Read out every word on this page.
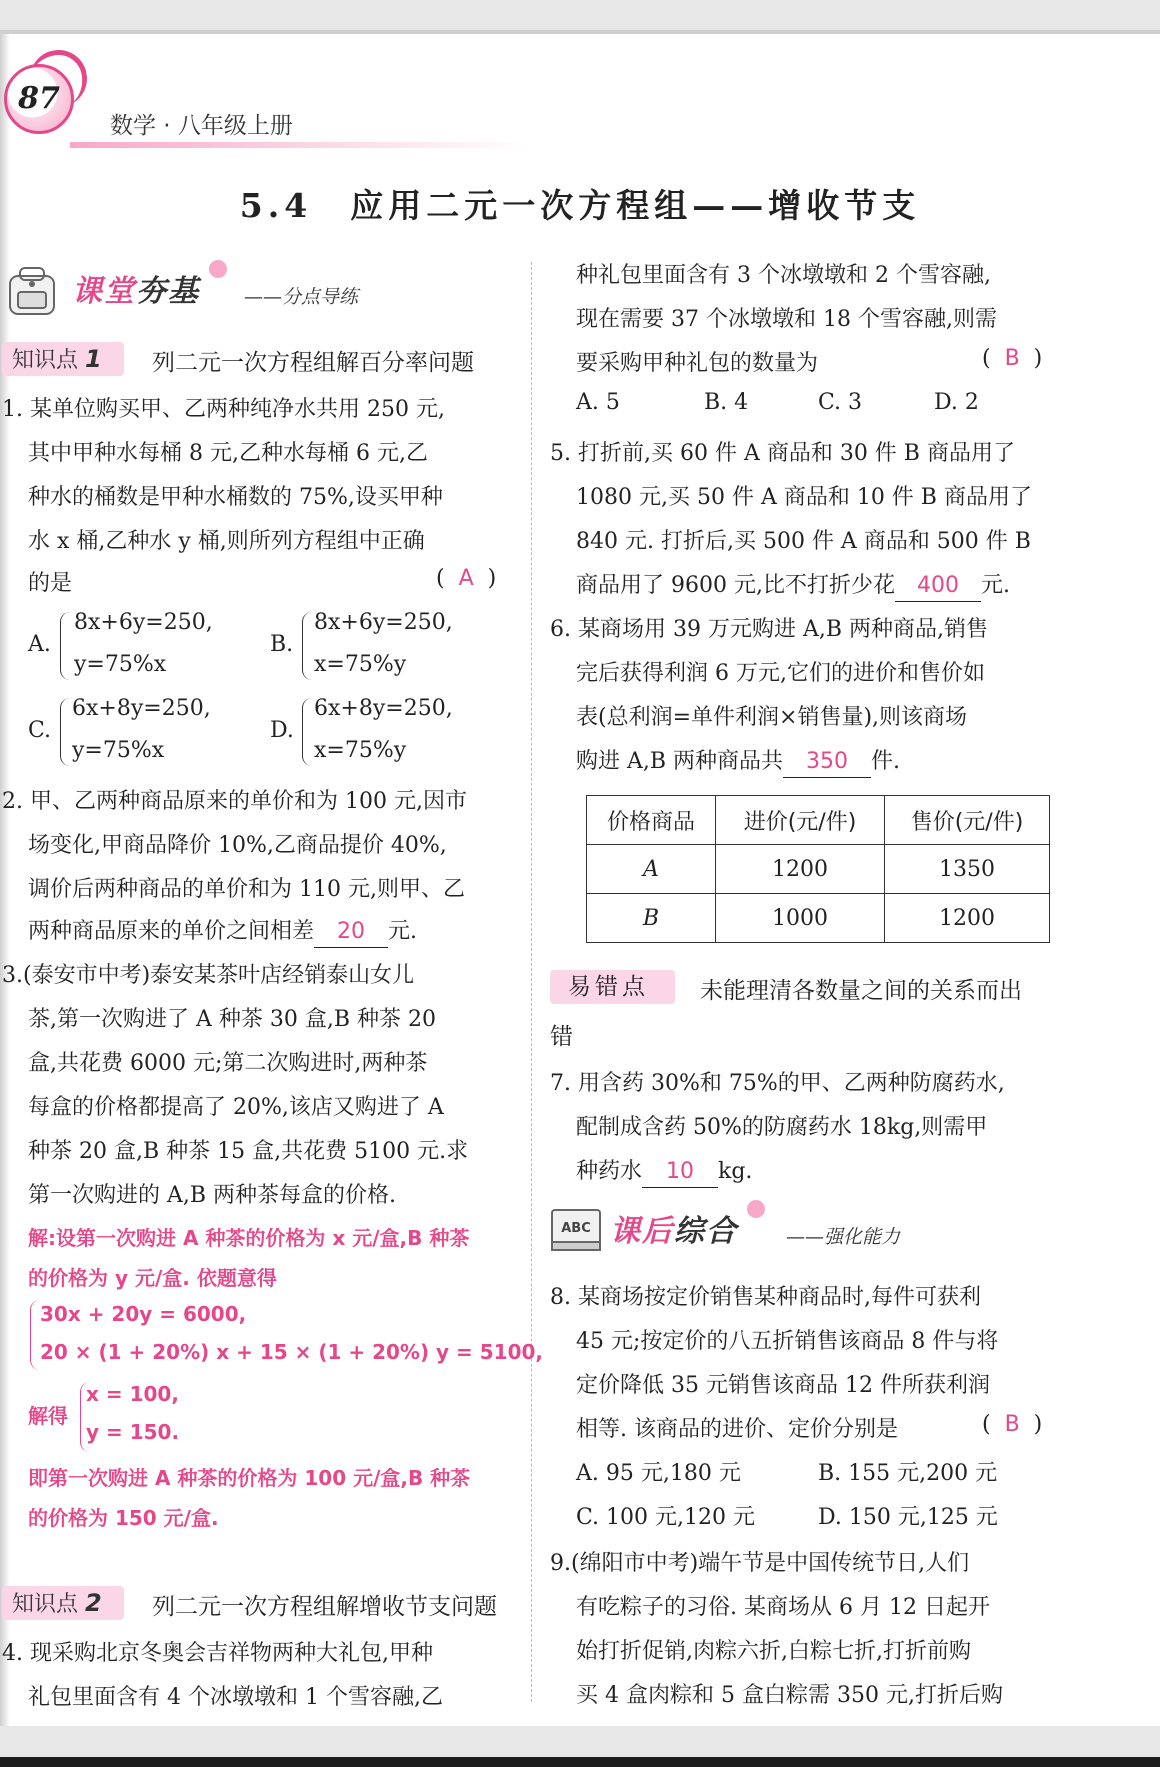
87
数学 · 八年级上册
5.4　应用二元一次方程组——增收节支
课堂夯基 ——分点导练
知识点 1	列二元一次方程组解百分率问题
1. 某单位购买甲、乙两种纯净水共用 250 元,
其中甲种水每桶 8 元,乙种水每桶 6 元,乙
种水的桶数是甲种水桶数的 75%,设买甲种
水 x 桶,乙种水 y 桶,则所列方程组中正确
的是	(  A  )
A.
8x+6y=250,
y=75%x
B.
8x+6y=250,
x=75%y
C.
6x+8y=250,
y=75%x
D.
6x+8y=250,
x=75%y
2. 甲、乙两种商品原来的单价和为 100 元,因市
场变化,甲商品降价 10%,乙商品提价 40%,
调价后两种商品的单价和为 110 元,则甲、乙
两种商品原来的单价之间相差 20 元.
3.(泰安市中考)泰安某茶叶店经销泰山女儿
茶,第一次购进了 A 种茶 30 盒,B 种茶 20
盒,共花费 6000 元;第二次购进时,两种茶
每盒的价格都提高了 20%,该店又购进了 A
种茶 20 盒,B 种茶 15 盒,共花费 5100 元.求
第一次购进的 A,B 两种茶每盒的价格.
解:设第一次购进 A 种茶的价格为 x 元/盒,B 种茶
的价格为 y 元/盒. 依题意得
30x + 20y = 6000,
20 × (1 + 20%) x + 15 × (1 + 20%) y = 5100,
解得
x = 100,
y = 150.
即第一次购进 A 种茶的价格为 100 元/盒,B 种茶
的价格为 150 元/盒.
知识点 2	列二元一次方程组解增收节支问题
4. 现采购北京冬奥会吉祥物两种大礼包,甲种
礼包里面含有 4 个冰墩墩和 1 个雪容融,乙
种礼包里面含有 3 个冰墩墩和 2 个雪容融,
现在需要 37 个冰墩墩和 18 个雪容融,则需
要采购甲种礼包的数量为	(  B  )
A. 5	B. 4	C. 3	D. 2
5. 打折前,买 60 件 A 商品和 30 件 B 商品用了
1080 元,买 50 件 A 商品和 10 件 B 商品用了
840 元. 打折后,买 500 件 A 商品和 500 件 B
商品用了 9600 元,比不打折少花 400 元.
6. 某商场用 39 万元购进 A,B 两种商品,销售
完后获得利润 6 万元,它们的进价和售价如
表(总利润=单件利润×销售量),则该商场
购进 A,B 两种商品共 350 件.
价格商品	进价(元/件)	售价(元/件)
A	1200	1350
B	1000	1200
易错点	未能理清各数量之间的关系而出
错
7. 用含药 30%和 75%的甲、乙两种防腐药水,
配制成含药 50%的防腐药水 18kg,则需甲
种药水 10 kg.
ABC 课后综合	——强化能力
8. 某商场按定价销售某种商品时,每件可获利
45 元;按定价的八五折销售该商品 8 件与将
定价降低 35 元销售该商品 12 件所获利润
相等. 该商品的进价、定价分别是	(  B  )
A. 95 元,180 元	B. 155 元,200 元
C. 100 元,120 元	D. 150 元,125 元
9.(绵阳市中考)端午节是中国传统节日,人们
有吃粽子的习俗. 某商场从 6 月 12 日起开
始打折促销,肉粽六折,白粽七折,打折前购
买 4 盒肉粽和 5 盒白粽需 350 元,打折后购
